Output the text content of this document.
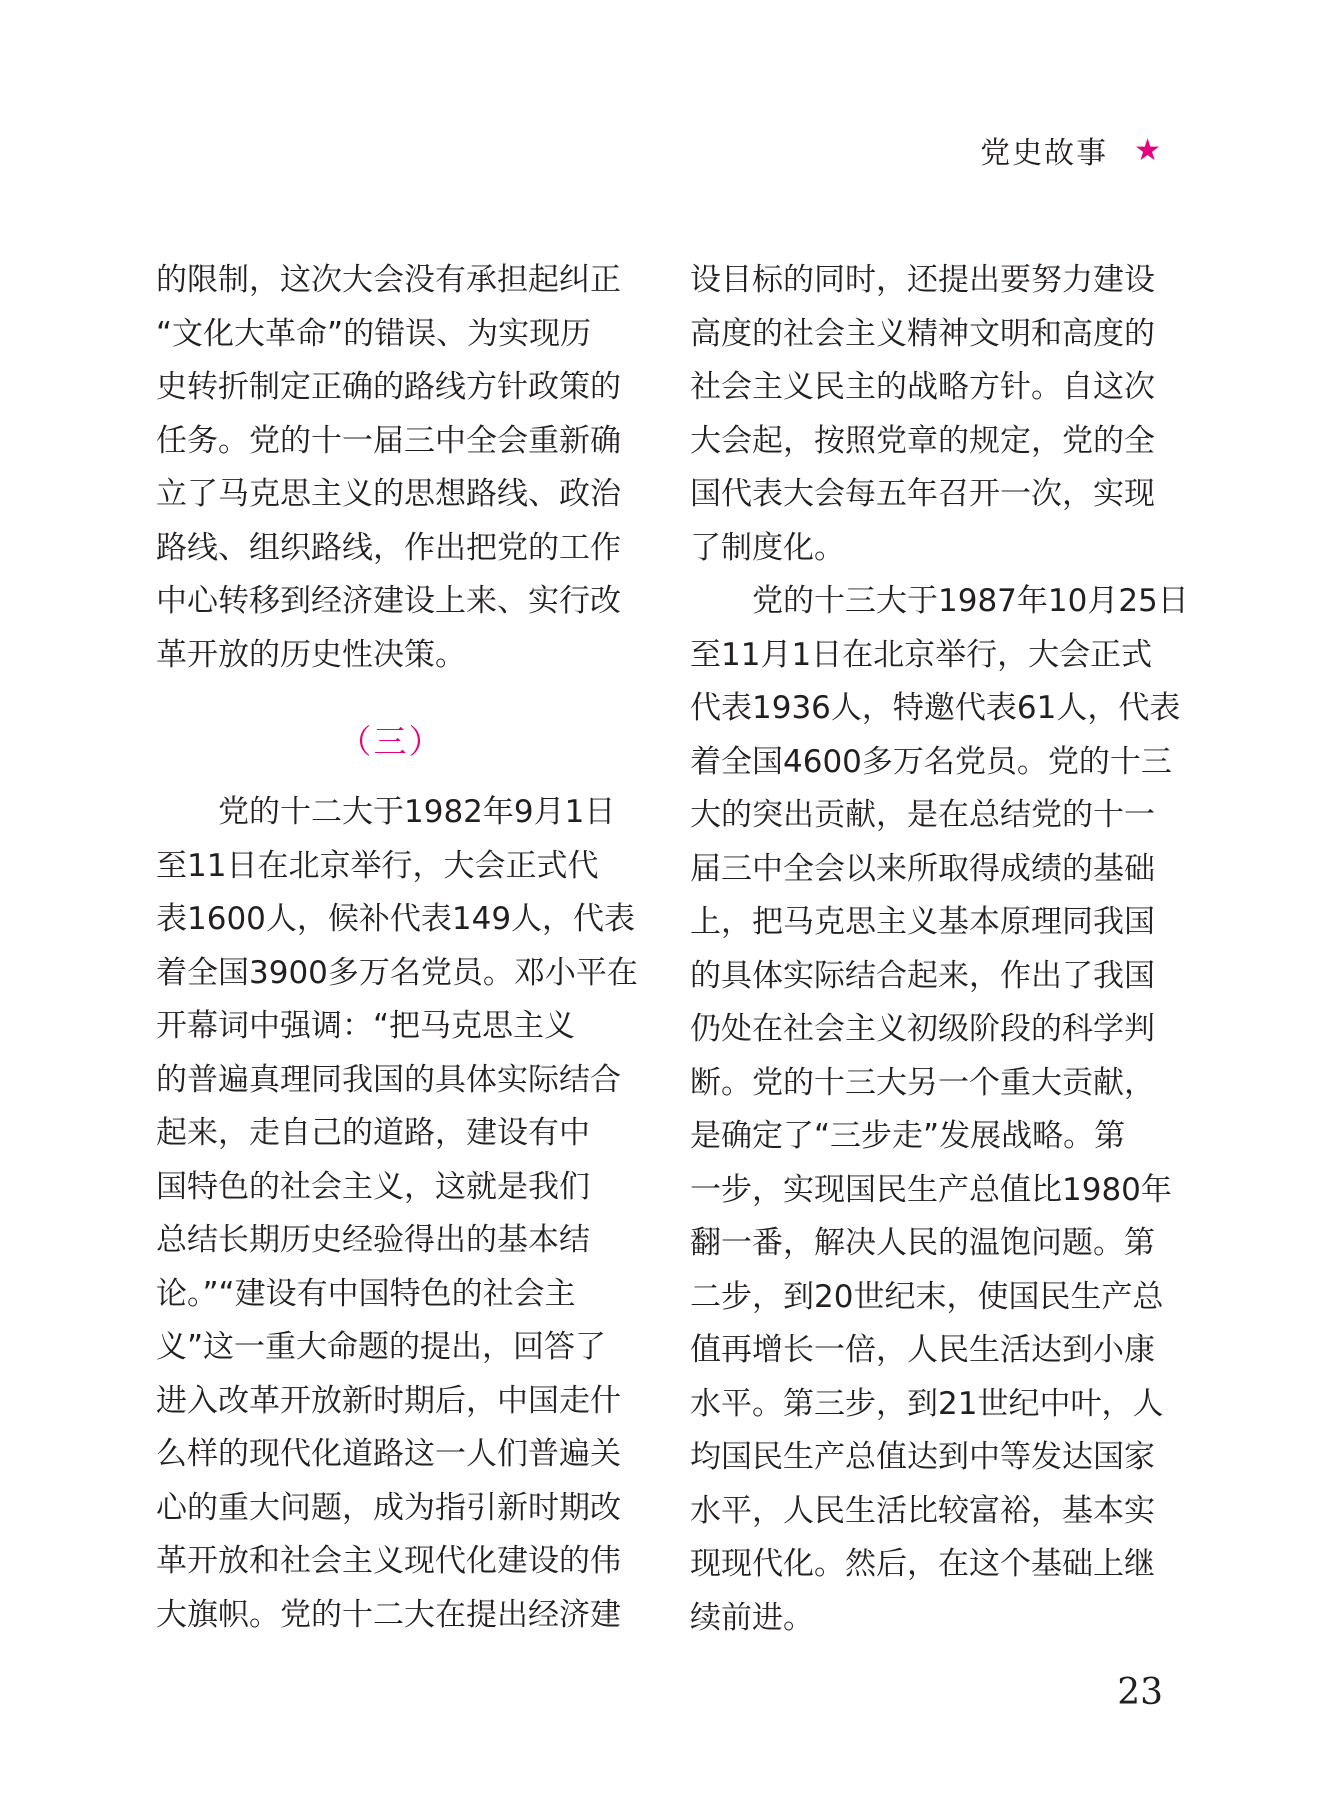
党史故事 ★
的限制，这次大会没有承担起纠正
“文化大革命”的错误、为实现历
史转折制定正确的路线方针政策的
任务。党的十一届三中全会重新确
立了马克思主义的思想路线、政治
路线、组织路线，作出把党的工作
中心转移到经济建设上来、实行改
革开放的历史性决策。
（三）
党的十二大于1982年9月1日
至11日在北京举行，大会正式代
表1600人，候补代表149人，代表
着全国3900多万名党员。邓小平在
开幕词中强调：“把马克思主义
的普遍真理同我国的具体实际结合
起来，走自己的道路，建设有中
国特色的社会主义，这就是我们
总结长期历史经验得出的基本结
论。”“建设有中国特色的社会主
义”这一重大命题的提出，回答了
进入改革开放新时期后，中国走什
么样的现代化道路这一人们普遍关
心的重大问题，成为指引新时期改
革开放和社会主义现代化建设的伟
大旗帜。党的十二大在提出经济建
设目标的同时，还提出要努力建设
高度的社会主义精神文明和高度的
社会主义民主的战略方针。自这次
大会起，按照党章的规定，党的全
国代表大会每五年召开一次，实现
了制度化。
党的十三大于1987年10月25日
至11月1日在北京举行，大会正式
代表1936人，特邀代表61人，代表
着全国4600多万名党员。党的十三
大的突出贡献，是在总结党的十一
届三中全会以来所取得成绩的基础
上，把马克思主义基本原理同我国
的具体实际结合起来，作出了我国
仍处在社会主义初级阶段的科学判
断。党的十三大另一个重大贡献，
是确定了“三步走”发展战略。第
一步，实现国民生产总值比1980年
翻一番，解决人民的温饱问题。第
二步，到20世纪末，使国民生产总
值再增长一倍，人民生活达到小康
水平。第三步，到21世纪中叶，人
均国民生产总值达到中等发达国家
水平，人民生活比较富裕，基本实
现现代化。然后，在这个基础上继
续前进。
23
